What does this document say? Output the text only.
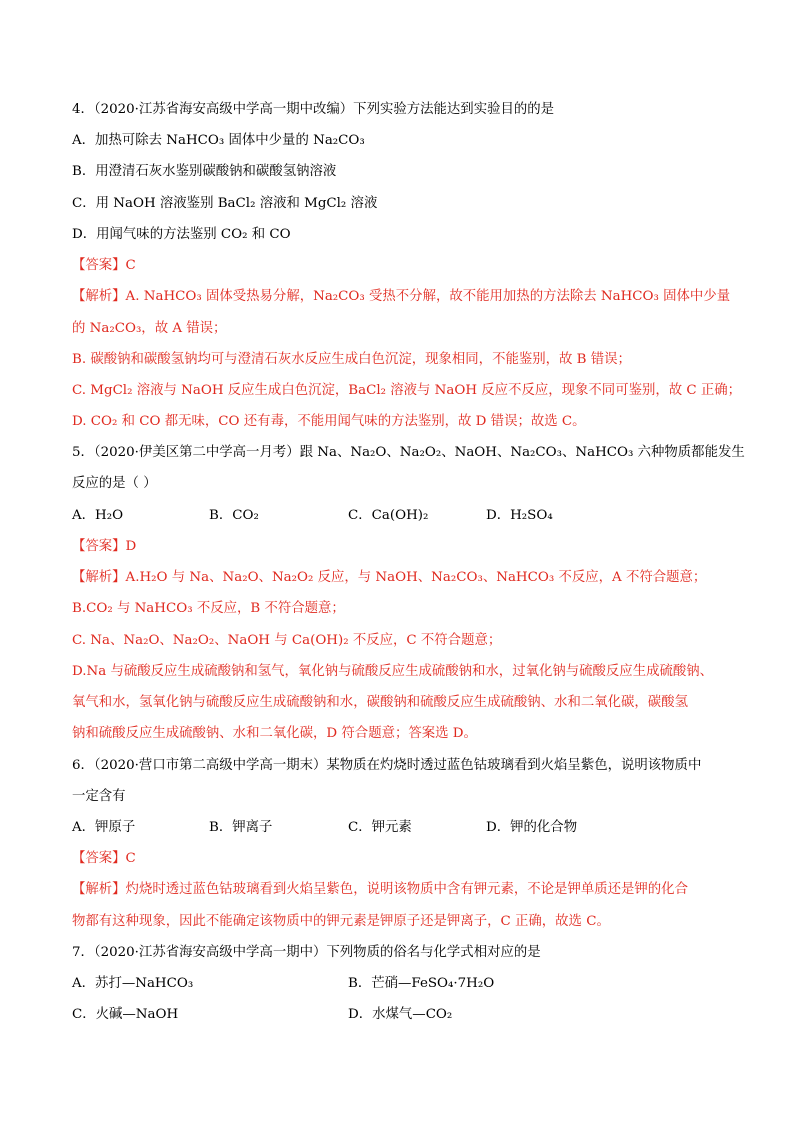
4．（2020·江苏省海安高级中学高一期中改编）下列实验方法能达到实验目的的是
A．加热可除去 NaHCO₃ 固体中少量的 Na₂CO₃
B．用澄清石灰水鉴别碳酸钠和碳酸氢钠溶液
C．用 NaOH 溶液鉴别 BaCl₂ 溶液和 MgCl₂ 溶液
D．用闻气味的方法鉴别 CO₂ 和 CO
【答案】C
【解析】A. NaHCO₃ 固体受热易分解，Na₂CO₃ 受热不分解，故不能用加热的方法除去 NaHCO₃ 固体中少量
的 Na₂CO₃，故 A 错误；
B. 碳酸钠和碳酸氢钠均可与澄清石灰水反应生成白色沉淀，现象相同，不能鉴别，故 B 错误；
C. MgCl₂ 溶液与 NaOH 反应生成白色沉淀，BaCl₂ 溶液与 NaOH 反应不反应，现象不同可鉴别，故 C 正确；
D. CO₂ 和 CO 都无味，CO 还有毒，不能用闻气味的方法鉴别，故 D 错误；故选 C。
5．（2020·伊美区第二中学高一月考）跟 Na、Na₂O、Na₂O₂、NaOH、Na₂CO₃、NaHCO₃ 六种物质都能发生
反应的是（ ）
A．H₂O	B．CO₂	C．Ca(OH)₂	D．H₂SO₄
【答案】D
【解析】A.H₂O 与 Na、Na₂O、Na₂O₂ 反应，与 NaOH、Na₂CO₃、NaHCO₃ 不反应，A 不符合题意；
B.CO₂ 与 NaHCO₃ 不反应，B 不符合题意；
C. Na、Na₂O、Na₂O₂、NaOH 与 Ca(OH)₂ 不反应，C 不符合题意；
D.Na 与硫酸反应生成硫酸钠和氢气，氧化钠与硫酸反应生成硫酸钠和水，过氧化钠与硫酸反应生成硫酸钠、
氧气和水，氢氧化钠与硫酸反应生成硫酸钠和水，碳酸钠和硫酸反应生成硫酸钠、水和二氧化碳，碳酸氢
钠和硫酸反应生成硫酸钠、水和二氧化碳，D 符合题意；答案选 D。
6．（2020·营口市第二高级中学高一期末）某物质在灼烧时透过蓝色钴玻璃看到火焰呈紫色，说明该物质中
一定含有
A．钾原子	B．钾离子	C．钾元素	D．钾的化合物
【答案】C
【解析】灼烧时透过蓝色钴玻璃看到火焰呈紫色，说明该物质中含有钾元素，不论是钾单质还是钾的化合
物都有这种现象，因此不能确定该物质中的钾元素是钾原子还是钾离子，C 正确，故选 C。
7．（2020·江苏省海安高级中学高一期中）下列物质的俗名与化学式相对应的是
A．苏打—NaHCO₃	B．芒硝—FeSO₄·7H₂O
C．火碱—NaOH	D．水煤气—CO₂
